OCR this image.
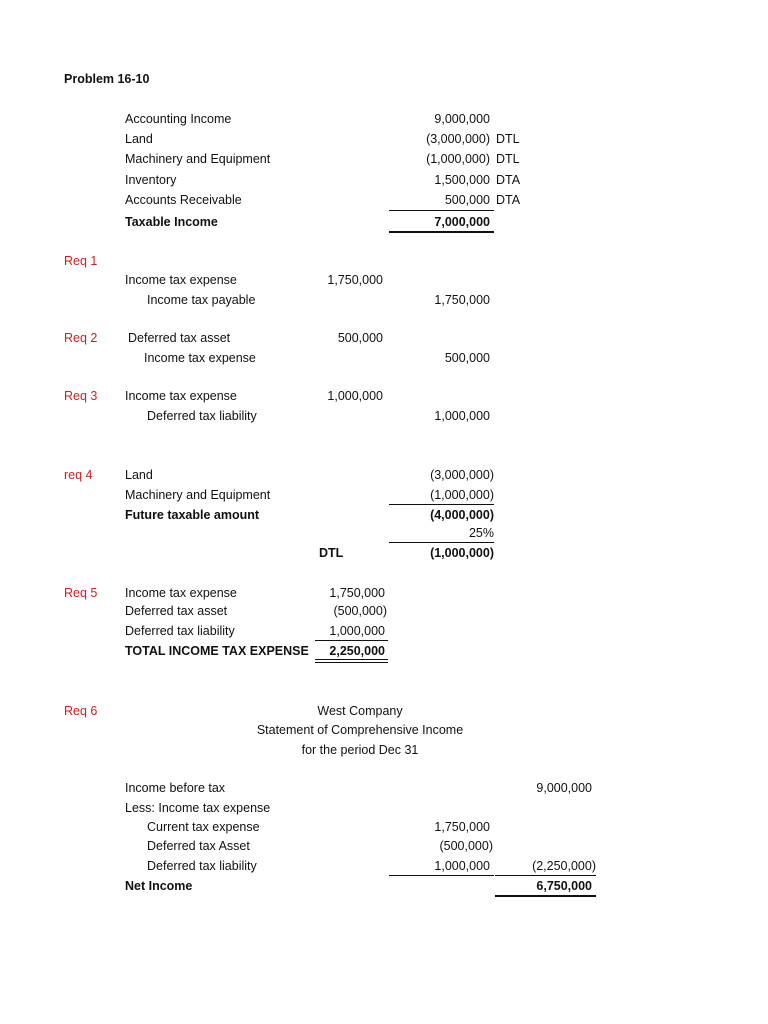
Problem 16-10
Accounting Income	9,000,000
Land	(3,000,000) DTL
Machinery and Equipment	(1,000,000) DTL
Inventory	1,500,000 DTA
Accounts Receivable	500,000 DTA
Taxable Income	7,000,000
Req 1
Income tax expense	1,750,000
Income tax payable	1,750,000
Req 2 Deferred tax asset	500,000
Income tax expense	500,000
Req 3 Income tax expense	1,000,000
Deferred tax liability	1,000,000
req 4	Land	(3,000,000)
Machinery and Equipment	(1,000,000)
Future taxable amount	(4,000,000)
25%
DTL	(1,000,000)
Req 5 Income tax expense	1,750,000
Deferred tax asset	(500,000)
Deferred tax liability	1,000,000
TOTAL INCOME TAX EXPENSE	2,250,000
Req 6	West Company
Statement of Comprehensive Income
for the period Dec 31
Income before tax	9,000,000
Less: Income tax expense
Current tax expense	1,750,000
Deferred tax Asset	(500,000)
Deferred tax liability	1,000,000	(2,250,000)
Net Income	6,750,000
